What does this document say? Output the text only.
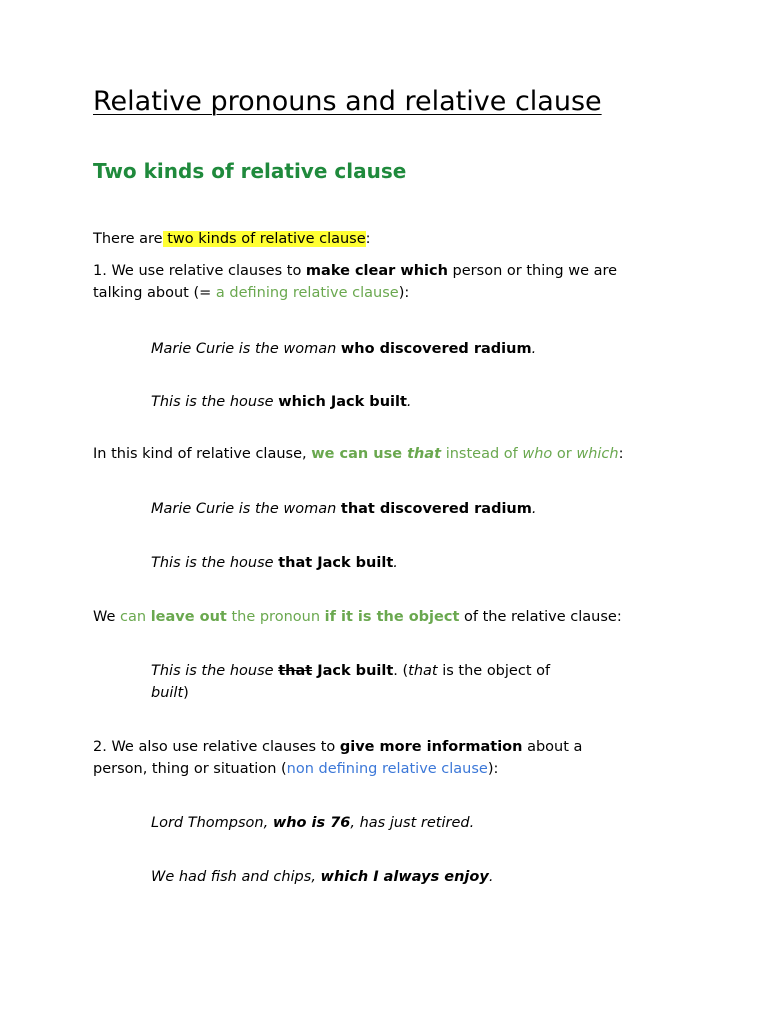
Relative pronouns and relative clause
Two kinds of relative clause

There are two kinds of relative clause:

1. We use relative clauses to make clear which person or thing we are
talking about (= a defining relative clause):

Marie Curie is the woman who discovered radium.

This is the house which Jack built.

In this kind of relative clause, we can use that instead of who or which:

Marie Curie is the woman that discovered radium.

This is the house that Jack built.

We can leave out the pronoun if it is the object of the relative clause:

This is the house that Jack built. (that is the object of
built)

2. We also use relative clauses to give more information about a
person, thing or situation (non defining relative clause):

Lord Thompson, who is 76, has just retired.

We had fish and chips, which I always enjoy.
